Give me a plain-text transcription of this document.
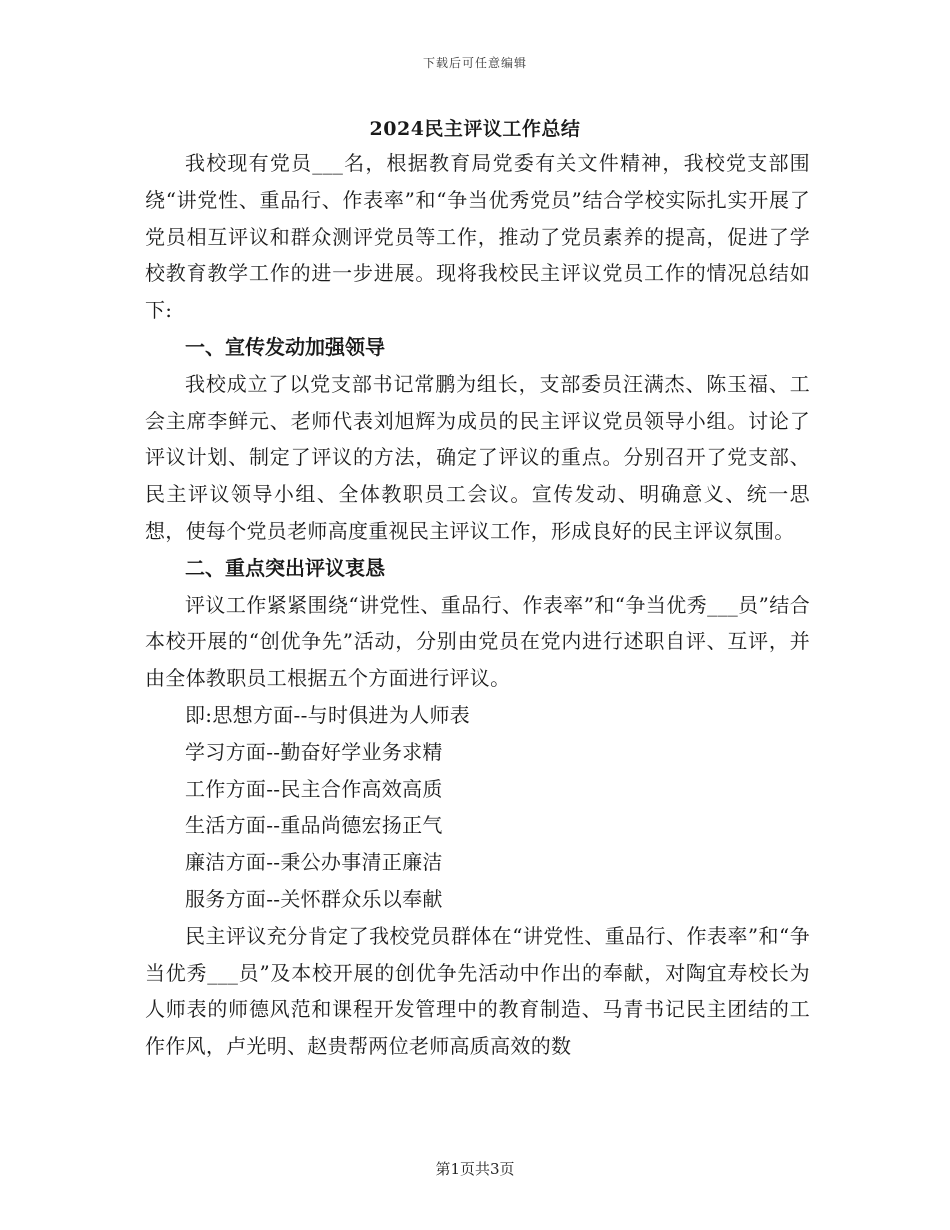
下载后可任意编辑
2024民主评议工作总结

我校现有党员___名，根据教育局党委有关文件精神，我校党支部围绕“讲党性、重品行、作表率”和“争当优秀党员”结合学校实际扎实开展了党员相互评议和群众测评党员等工作，推动了党员素养的提高，促进了学校教育教学工作的进一步进展。现将我校民主评议党员工作的情况总结如下:

一、宣传发动加强领导

我校成立了以党支部书记常鹏为组长，支部委员汪满杰、陈玉福、工会主席李鲜元、老师代表刘旭辉为成员的民主评议党员领导小组。讨论了评议计划、制定了评议的方法，确定了评议的重点。分别召开了党支部、民主评议领导小组、全体教职员工会议。宣传发动、明确意义、统一思想，使每个党员老师高度重视民主评议工作，形成良好的民主评议氛围。

二、重点突出评议衷恳

评议工作紧紧围绕“讲党性、重品行、作表率”和“争当优秀___员”结合本校开展的“创优争先”活动，分别由党员在党内进行述职自评、互评，并由全体教职员工根据五个方面进行评议。

即:思想方面--与时俱进为人师表

学习方面--勤奋好学业务求精

工作方面--民主合作高效高质

生活方面--重品尚德宏扬正气

廉洁方面--秉公办事清正廉洁

服务方面--关怀群众乐以奉献

民主评议充分肯定了我校党员群体在“讲党性、重品行、作表率”和“争当优秀___员”及本校开展的创优争先活动中作出的奉献，对陶宜寿校长为人师表的师德风范和课程开发管理中的教育制造、马青书记民主团结的工作作风，卢光明、赵贵帮两位老师高质高效的数

第1页共3页
